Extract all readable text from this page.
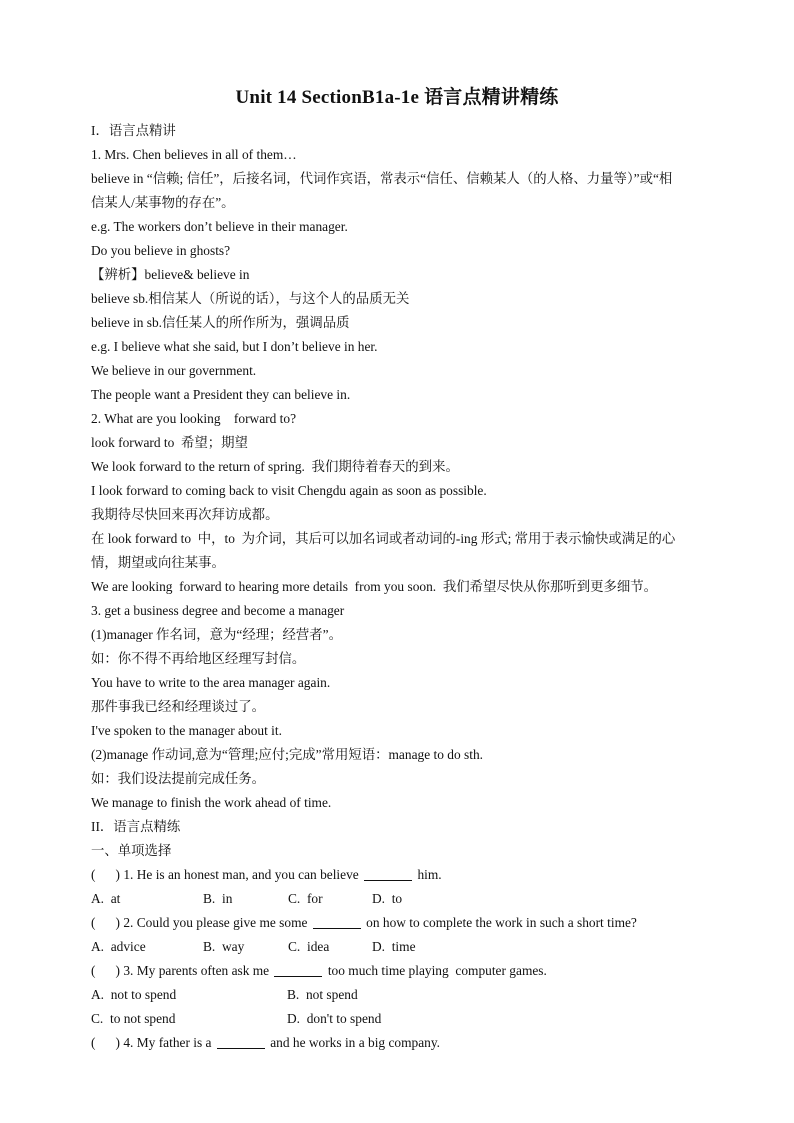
Unit 14 SectionB1a-1e 语言点精讲精练
I．语言点精讲
1. Mrs. Chen believes in all of them…
believe in “信赖; 信任”，后接名词，代词作宾语，常表示“信任、信赖某人（的人格、力量等）”或“相
信某人/某事物的存在”。
e.g. The workers don’t believe in their manager.
Do you believe in ghosts?
【辨析】believe& believe in
believe sb.相信某人（所说的话），与这个人的品质无关
believe in sb.信任某人的所作所为，强调品质
e.g. I believe what she said, but I don’t believe in her.
We believe in our government.
The people want a President they can believe in.
2. What are you looking    forward to?
look forward to  希望；期望
We look forward to the return of spring.  我们期待着春天的到来。
I look forward to coming back to visit Chengdu again as soon as possible.
我期待尽快回来再次拜访成都。
在 look forward to  中，to  为介词，其后可以加名词或者动词的-ing 形式; 常用于表示愉快或满足的心
情，期望或向往某事。
We are looking  forward to hearing more details  from you soon.  我们希望尽快从你那听到更多细节。
3. get a business degree and become a manager
(1)manager 作名词，意为“经理；经营者”。
如：你不得不再给地区经理写封信。
You have to write to the area manager again.
那件事我已经和经理谈过了。
I've spoken to the manager about it.
(2)manage 作动词,意为“管理;应付;完成”常用短语：manage to do sth.
如：我们设法提前完成任务。
We manage to finish the work ahead of time.
II．语言点精练
一、单项选择
(      ) 1. He is an honest man, and you can believe	him.
A.  at	B.  in	C.  for	D.  to
(      ) 2. Could you please give me some	on how to complete the work in such a short time?
A.  advice	B.  way	C.  idea	D.  time
(      ) 3. My parents often ask me	too much time playing  computer games.
A.  not to spend	B.  not spend
C.  to not spend	D.  don't to spend
(      ) 4. My father is a	and he works in a big company.
